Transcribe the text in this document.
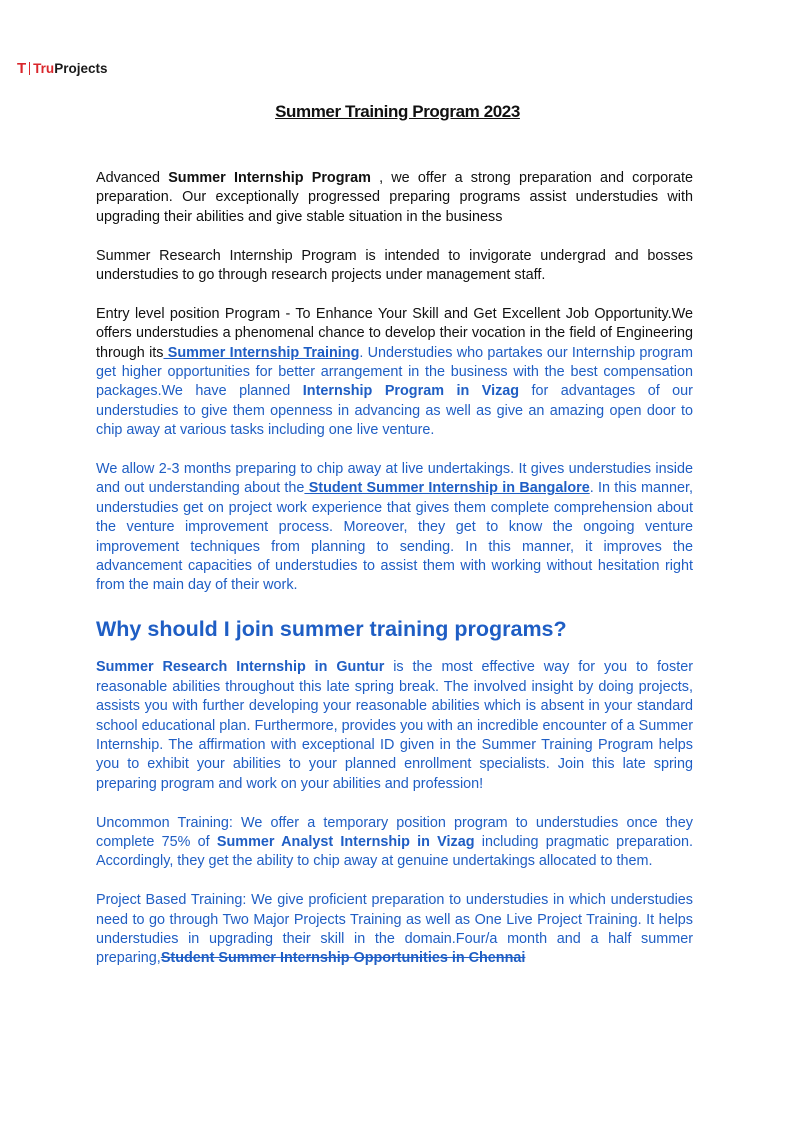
T Tru Projects
Summer Training Program 2023

Advanced Summer Internship Program , we offer a strong preparation and corporate preparation. Our exceptionally progressed preparing programs assist understudies with upgrading their abilities and give stable situation in the business

Summer Research Internship Program is intended to invigorate undergrad and bosses understudies to go through research projects under management staff.

Entry level position Program - To Enhance Your Skill and Get Excellent Job Opportunity.We offers understudies a phenomenal chance to develop their vocation in the field of Engineering through its Summer Internship Training. Understudies who partakes our Internship program get higher opportunities for better arrangement in the business with the best compensation packages.We have planned Internship Program in Vizag for advantages of our understudies to give them openness in advancing as well as give an amazing open door to chip away at various tasks including one live venture.

We allow 2-3 months preparing to chip away at live undertakings. It gives understudies inside and out understanding about the Student Summer Internship in Bangalore. In this manner, understudies get on project work experience that gives them complete comprehension about the venture improvement process. Moreover, they get to know the ongoing venture improvement techniques from planning to sending. In this manner, it improves the advancement capacities of understudies to assist them with working without hesitation right from the main day of their work.

Why should I join summer training programs?

Summer Research Internship in Guntur is the most effective way for you to foster reasonable abilities throughout this late spring break. The involved insight by doing projects, assists you with further developing your reasonable abilities which is absent in your standard school educational plan. Furthermore, provides you with an incredible encounter of a Summer Internship. The affirmation with exceptional ID given in the Summer Training Program helps you to exhibit your abilities to your planned enrollment specialists. Join this late spring preparing program and work on your abilities and profession!

Uncommon Training: We offer a temporary position program to understudies once they complete 75% of Summer Analyst Internship in Vizag including pragmatic preparation. Accordingly, they get the ability to chip away at genuine undertakings allocated to them.

Project Based Training: We give proficient preparation to understudies in which understudies need to go through Two Major Projects Training as well as One Live Project Training. It helps understudies in upgrading their skill in the domain.Four/a month and a half summer preparing,Student Summer Internship Opportunities in Chennai
